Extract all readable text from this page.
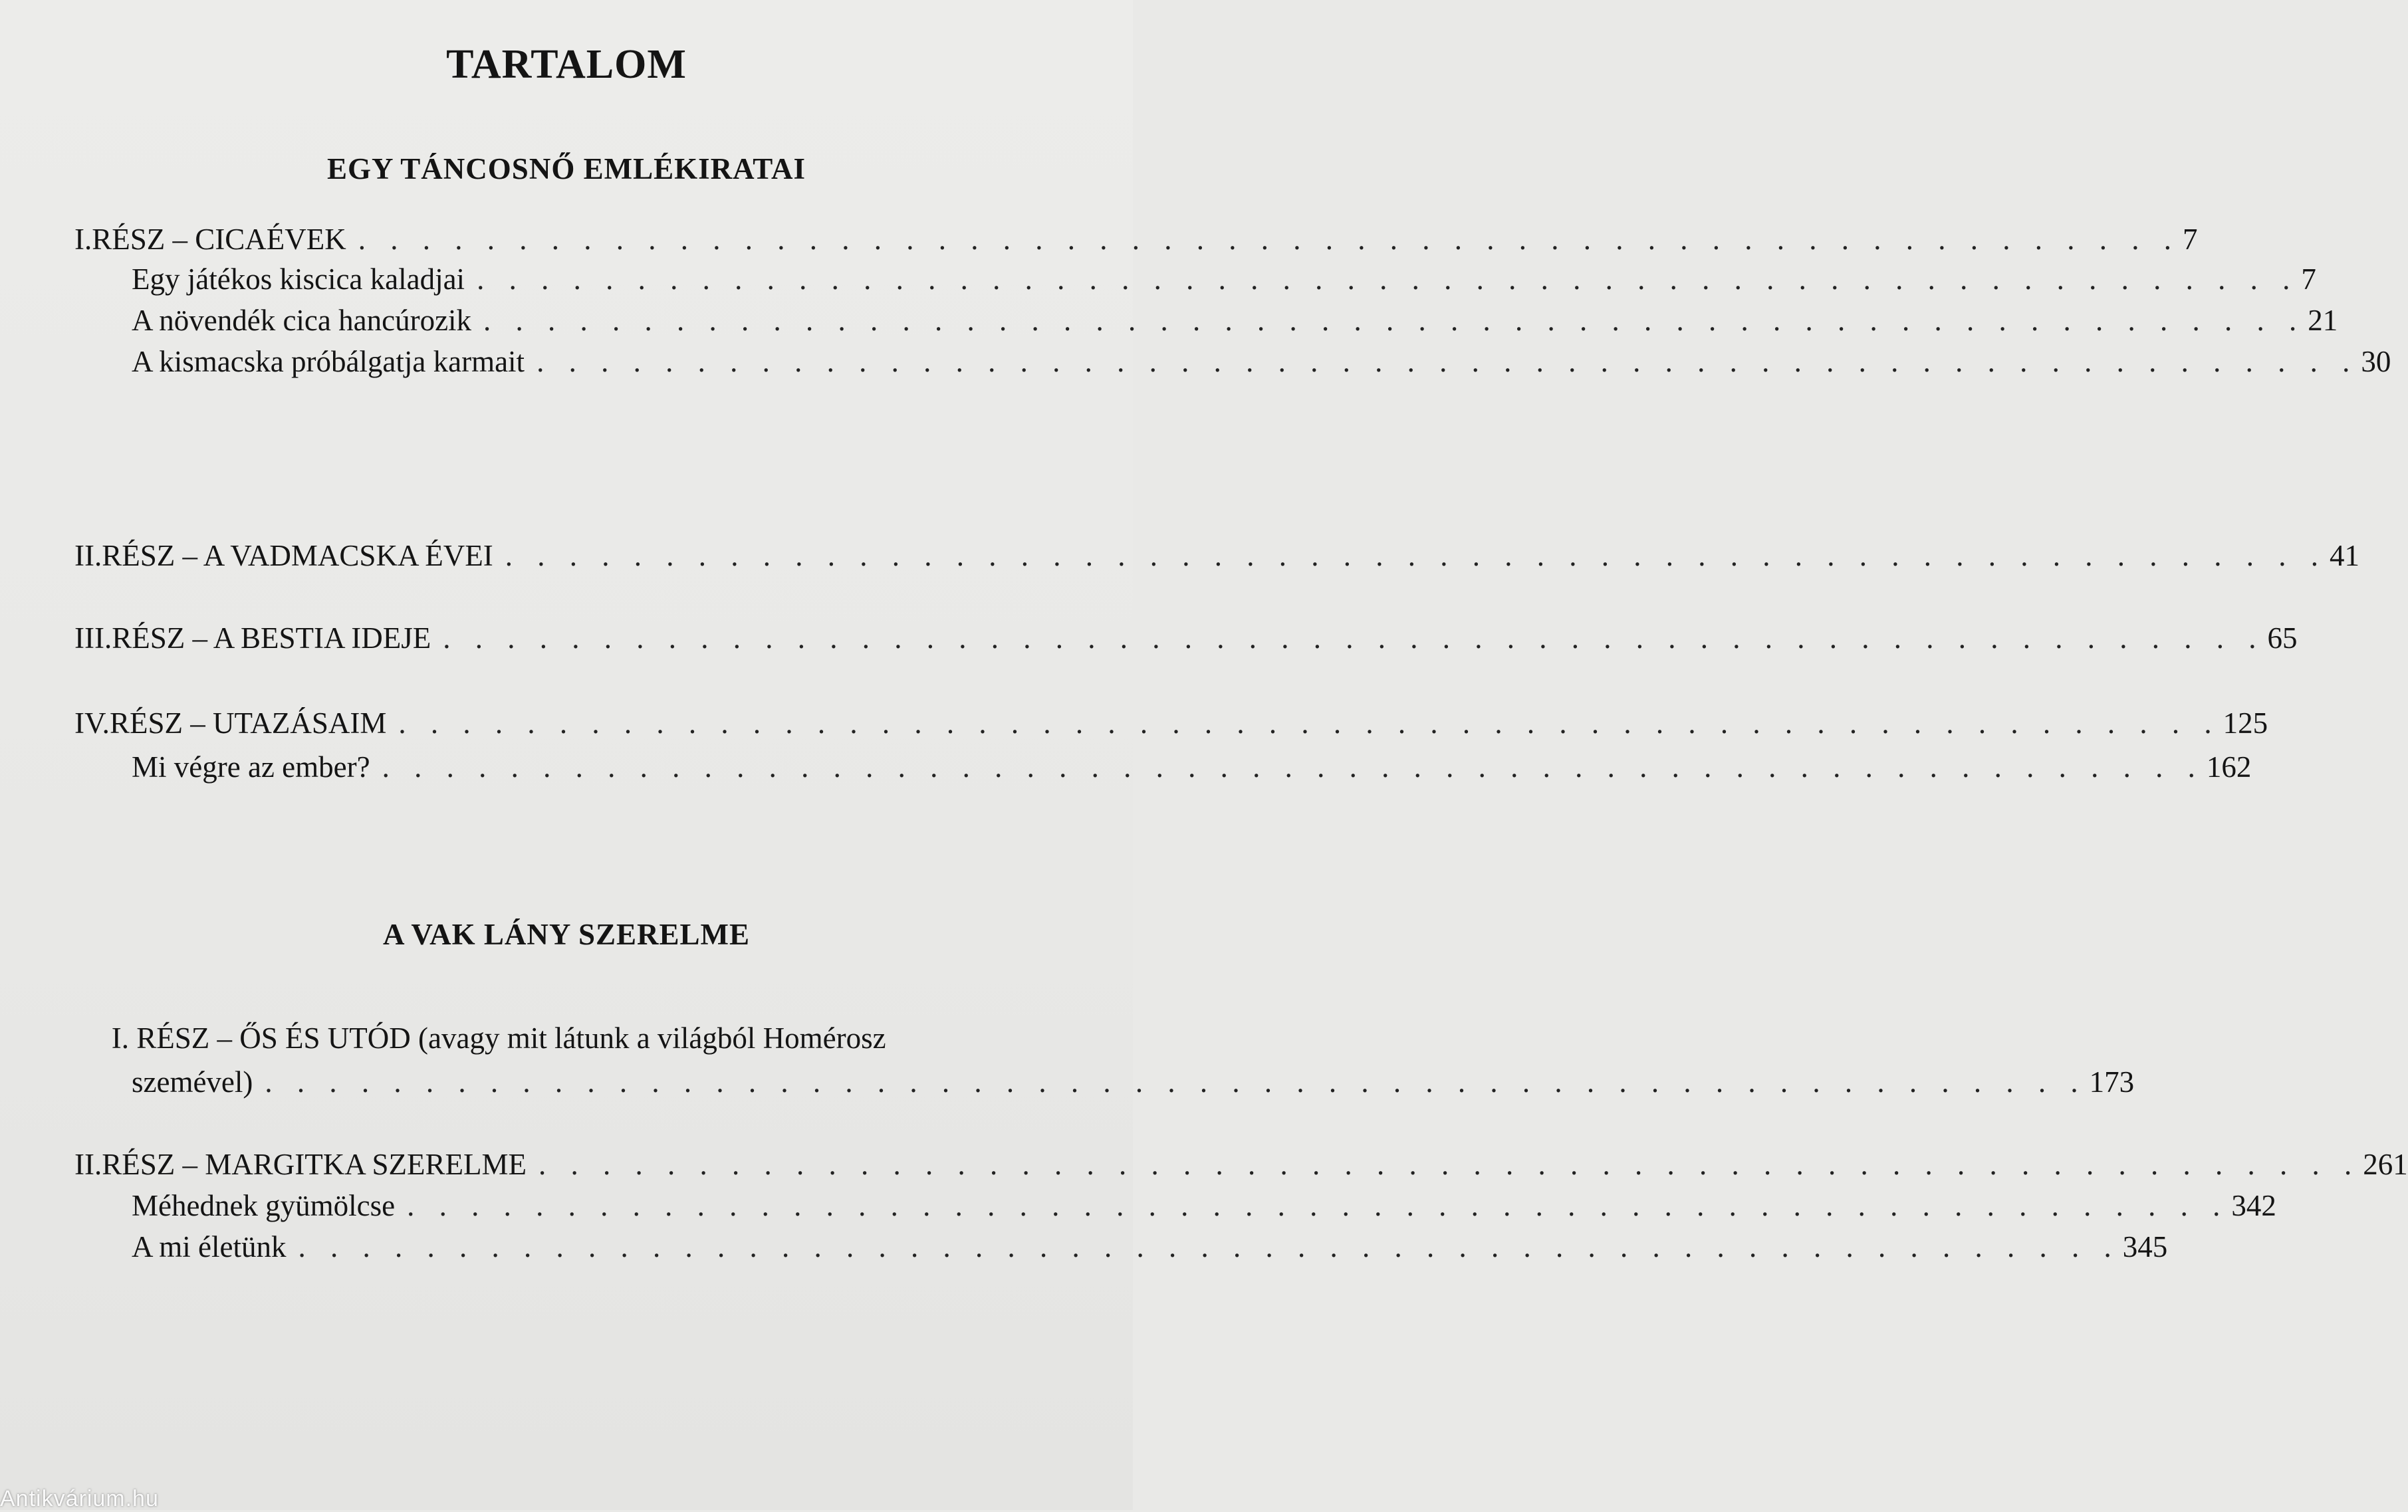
TARTALOM
EGY TÁNCOSNŐ EMLÉKIRATAI
I. RÉSZ – CICAÉVEK . . . . . . . . . . . . . . . . . . . . . . . . . . . . . . . . . . . . . . . . . . . . . . . . . . . . . . . . . 7
Egy játékos kiscica kaladjai . . . . . . . . . . . . . . . . . . . . . . . . . . . . . . . . . . . . . . . . . . . . . . . . . . . . . . . . . 7
A növendék cica hancúrozik . . . . . . . . . . . . . . . . . . . . . . . . . . . . . . . . . . . . . . . . . . . . . . . . . . . . . . . . . 21
A kismacska próbálgatja karmait . . . . . . . . . . . . . . . . . . . . . . . . . . . . . . . . . . . . . . . . . . . . . . . . . . . . . . . . . 30
II. RÉSZ – A VADMACSKA ÉVEI . . . . . . . . . . . . . . . . . . . . . . . . . . . . . . . . . . . . . . . . . . . . . . . . . . . . . . . . . 41
III. RÉSZ – A BESTIA IDEJE . . . . . . . . . . . . . . . . . . . . . . . . . . . . . . . . . . . . . . . . . . . . . . . . . . . . . . . . . 65
IV. RÉSZ – UTAZÁSAIM . . . . . . . . . . . . . . . . . . . . . . . . . . . . . . . . . . . . . . . . . . . . . . . . . . . . . . . . . 125
Mi végre az ember? . . . . . . . . . . . . . . . . . . . . . . . . . . . . . . . . . . . . . . . . . . . . . . . . . . . . . . . . . 162
A VAK LÁNY SZERELME
I. RÉSZ – ŐS ÉS UTÓD (avagy mit látunk a világból Homérosz
szemével) . . . . . . . . . . . . . . . . . . . . . . . . . . . . . . . . . . . . . . . . . . . . . . . . . . . . . . . . . 173
II. RÉSZ – MARGITKA SZERELME . . . . . . . . . . . . . . . . . . . . . . . . . . . . . . . . . . . . . . . . . . . . . . . . . . . . . . . . . 261
Méhednek gyümölcse . . . . . . . . . . . . . . . . . . . . . . . . . . . . . . . . . . . . . . . . . . . . . . . . . . . . . . . . . 342
A mi életünk . . . . . . . . . . . . . . . . . . . . . . . . . . . . . . . . . . . . . . . . . . . . . . . . . . . . . . . . . 345
Antikvárium.hu
